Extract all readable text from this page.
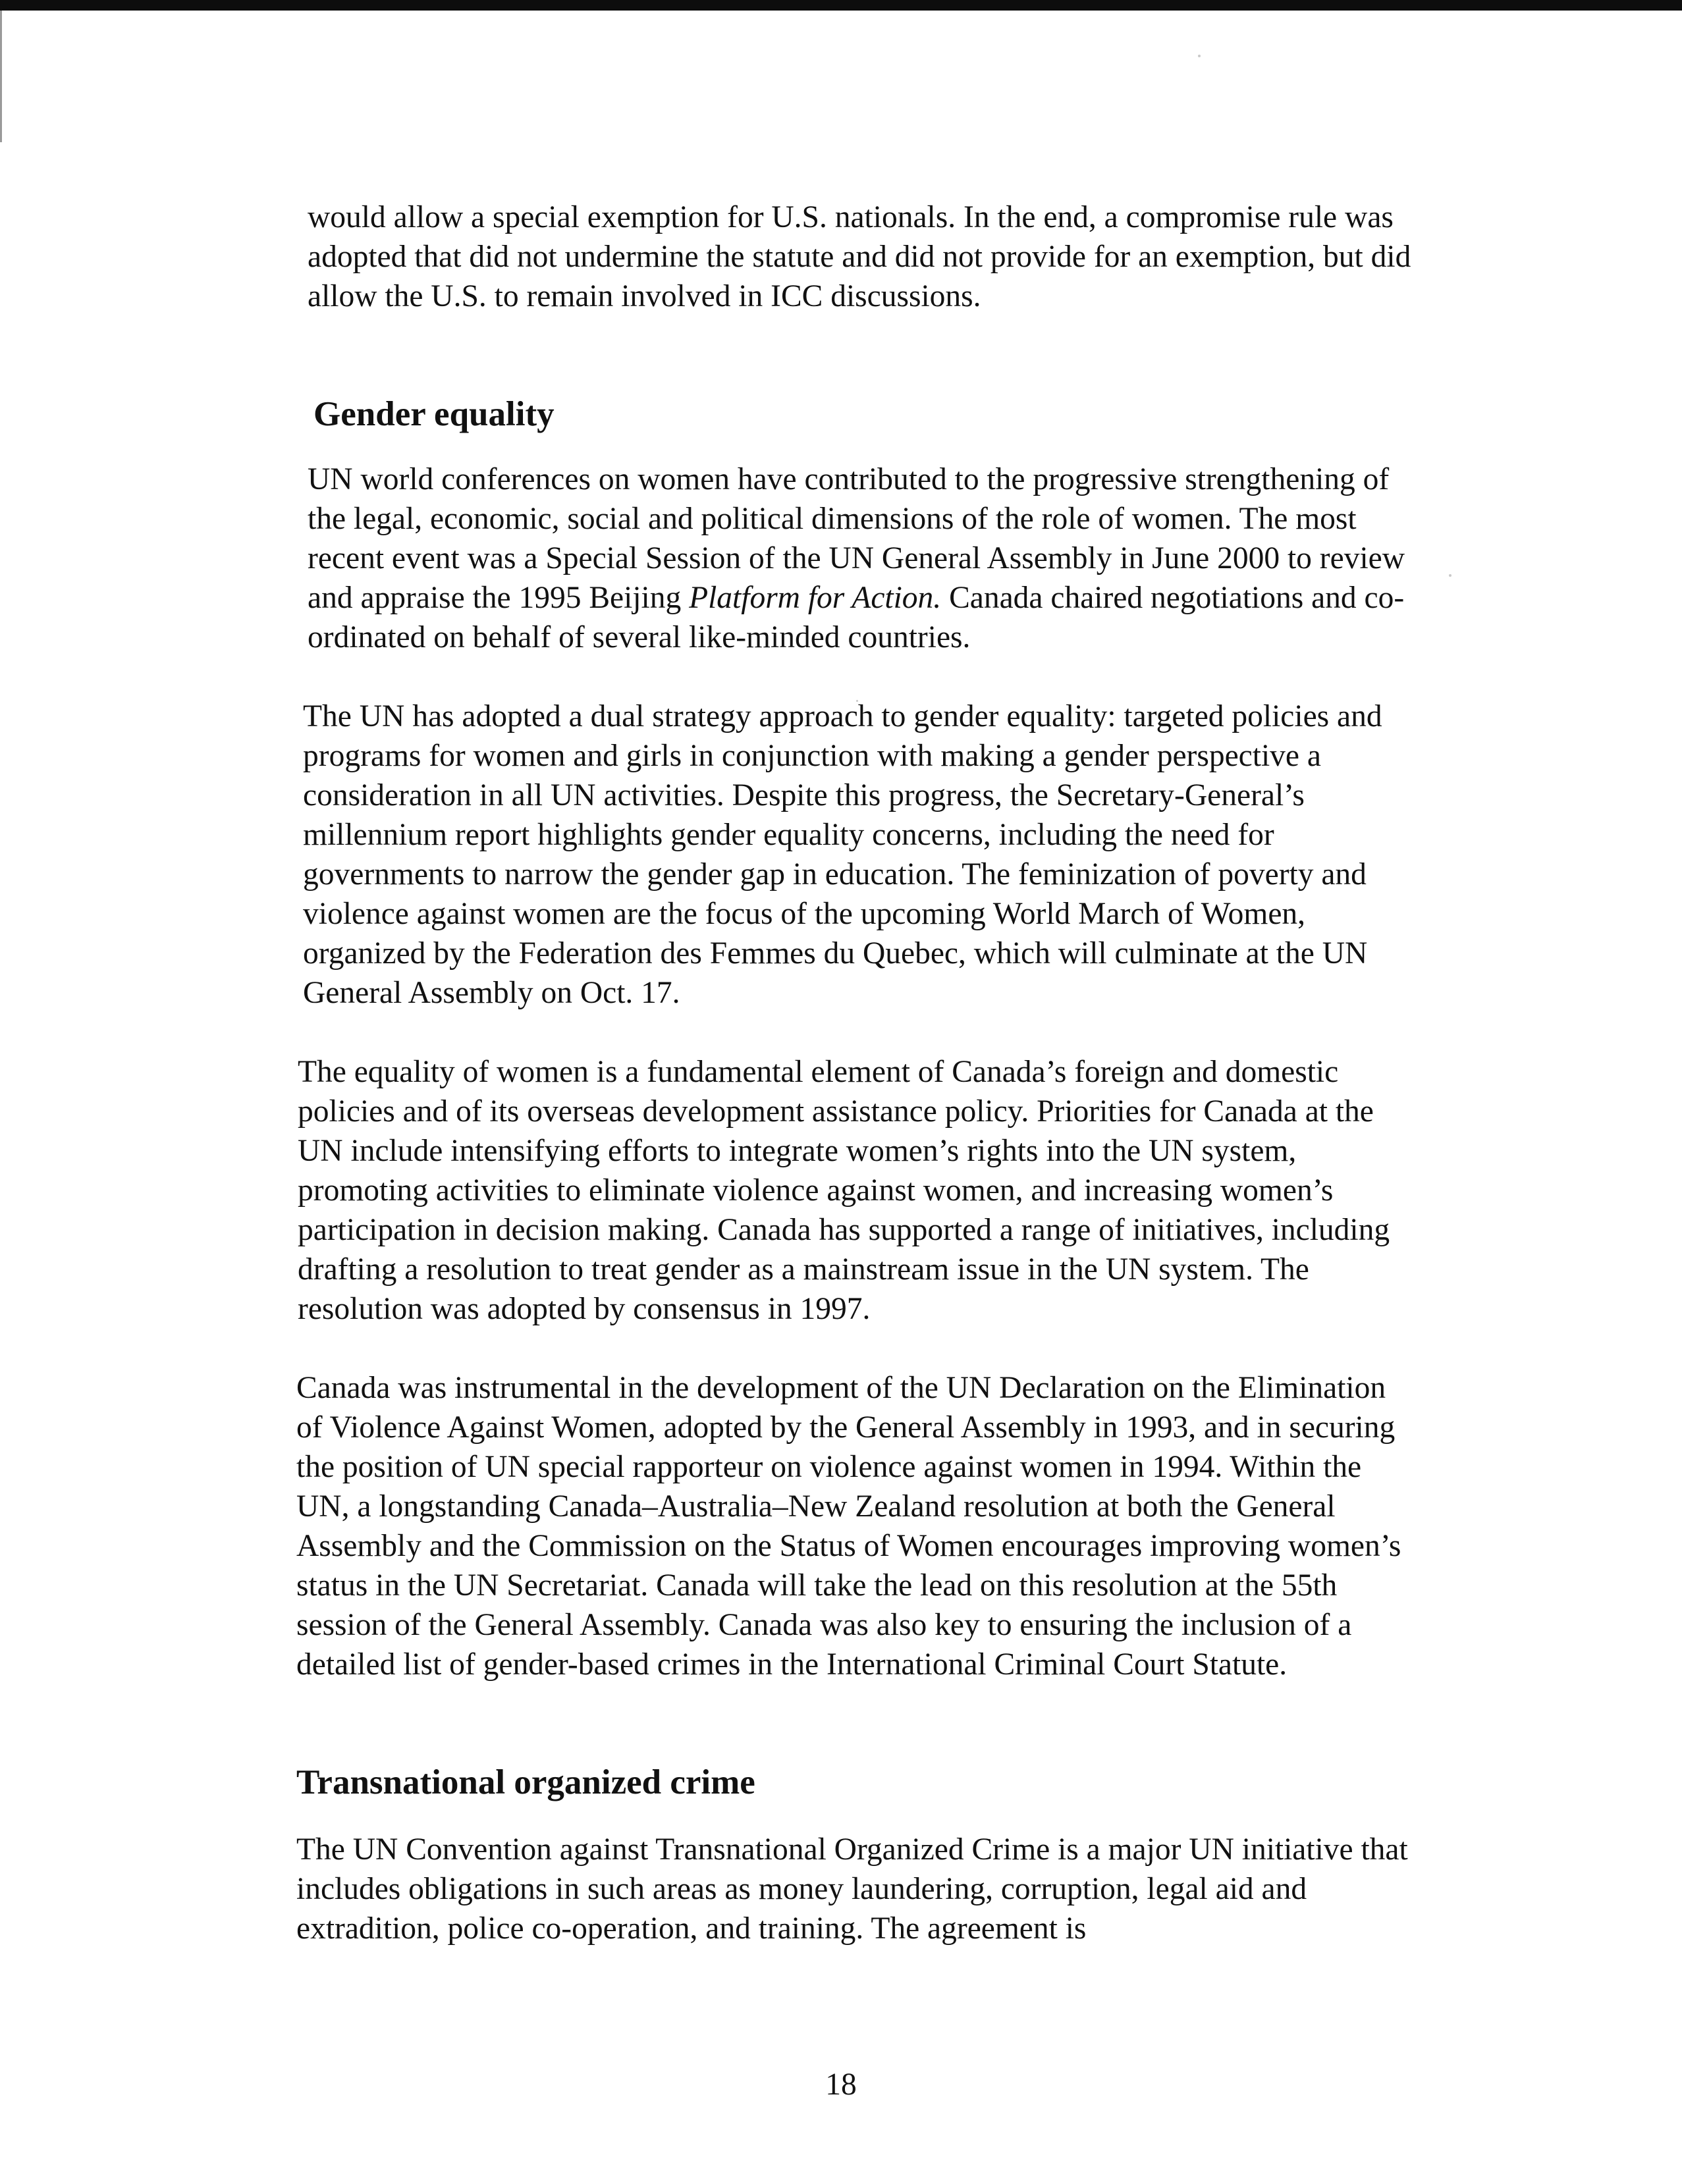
would allow a special exemption for U.S. nationals. In the end, a compromise rule was adopted that did not undermine the statute and did not provide for an exemption, but did allow the U.S. to remain involved in ICC discussions.

Gender equality

UN world conferences on women have contributed to the progressive strengthening of the legal, economic, social and political dimensions of the role of women. The most recent event was a Special Session of the UN General Assembly in June 2000 to review and appraise the 1995 Beijing Platform for Action. Canada chaired negotiations and co-ordinated on behalf of several like-minded countries.

The UN has adopted a dual strategy approach to gender equality: targeted policies and programs for women and girls in conjunction with making a gender perspective a consideration in all UN activities. Despite this progress, the Secretary-General’s millennium report highlights gender equality concerns, including the need for governments to narrow the gender gap in education. The feminization of poverty and violence against women are the focus of the upcoming World March of Women, organized by the Federation des Femmes du Quebec, which will culminate at the UN General Assembly on Oct. 17.

The equality of women is a fundamental element of Canada’s foreign and domestic policies and of its overseas development assistance policy. Priorities for Canada at the UN include intensifying efforts to integrate women’s rights into the UN system, promoting activities to eliminate violence against women, and increasing women’s participation in decision making. Canada has supported a range of initiatives, including drafting a resolution to treat gender as a mainstream issue in the UN system. The resolution was adopted by consensus in 1997.

Canada was instrumental in the development of the UN Declaration on the Elimination of Violence Against Women, adopted by the General Assembly in 1993, and in securing the position of UN special rapporteur on violence against women in 1994. Within the UN, a longstanding Canada–Australia–New Zealand resolution at both the General Assembly and the Commission on the Status of Women encourages improving women’s status in the UN Secretariat. Canada will take the lead on this resolution at the 55th session of the General Assembly. Canada was also key to ensuring the inclusion of a detailed list of gender-based crimes in the International Criminal Court Statute.

Transnational organized crime

The UN Convention against Transnational Organized Crime is a major UN initiative that includes obligations in such areas as money laundering, corruption, legal aid and extradition, police co-operation, and training. The agreement is

18
